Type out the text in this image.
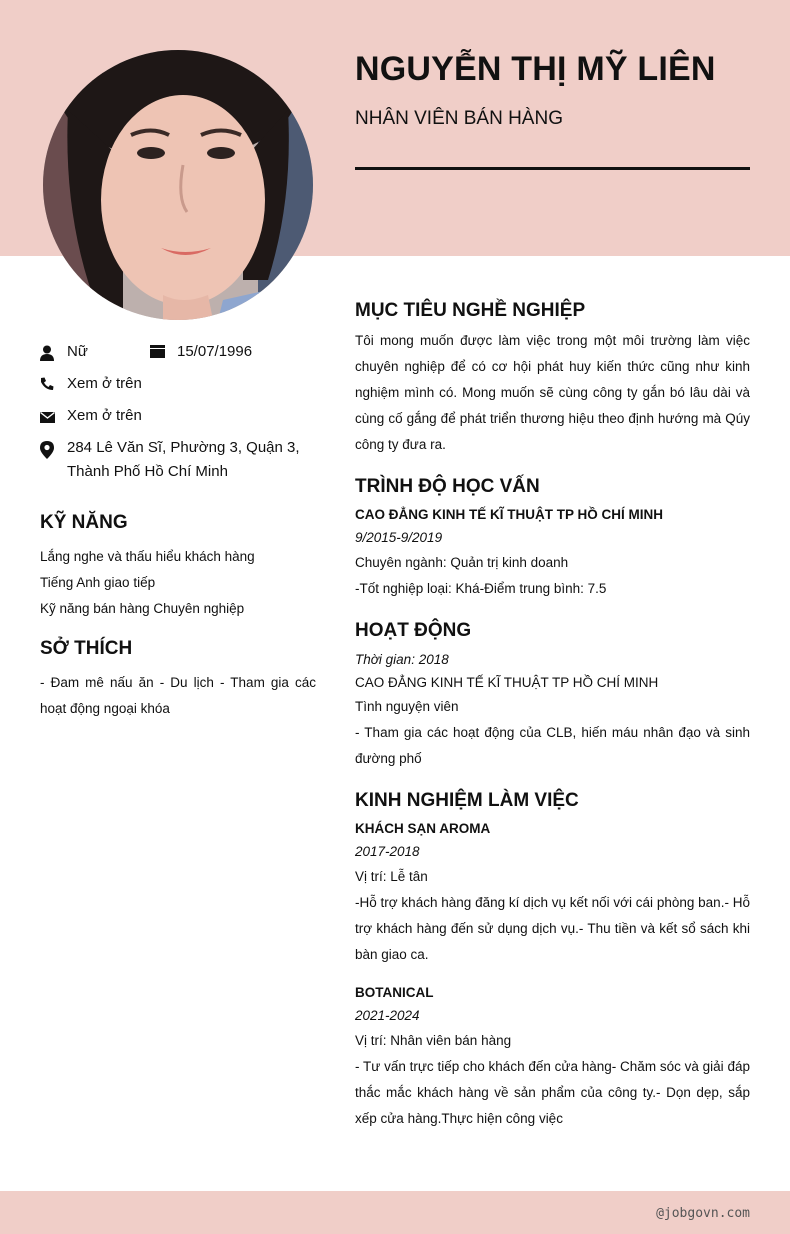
NGUYỄN THỊ MỸ LIÊN
NHÂN VIÊN BÁN HÀNG
Nữ	15/07/1996
Xem ở trên
Xem ở trên
284 Lê Văn Sĩ, Phường 3, Quận 3, Thành Phố Hồ Chí Minh
KỸ NĂNG
Lắng nghe và thấu hiểu khách hàng
Tiếng Anh giao tiếp
Kỹ năng bán hàng Chuyên nghiệp
SỞ THÍCH
- Đam mê nấu ăn - Du lịch - Tham gia các hoạt động ngoại khóa
MỤC TIÊU NGHỀ NGHIỆP
Tôi mong muốn được làm việc trong một môi trường làm việc chuyên nghiệp để có cơ hội phát huy kiến thức cũng như kinh nghiệm mình có. Mong muốn sẽ cùng công ty gắn bó lâu dài và cùng cố gắng để phát triển thương hiệu theo định hướng mà Qúy công ty đưa ra.
TRÌNH ĐỘ HỌC VẤN
CAO ĐẲNG KINH TẾ KĨ THUẬT TP HỒ CHÍ MINH
9/2015-9/2019
Chuyên ngành: Quản trị kinh doanh
-Tốt nghiệp loại: Khá-Điểm trung bình: 7.5
HOẠT ĐỘNG
Thời gian: 2018
CAO ĐẲNG KINH TẾ KĨ THUẬT TP HỒ CHÍ MINH
Tình nguyện viên
- Tham gia các hoạt động của CLB, hiến máu nhân đạo và sinh đường phố
KINH NGHIỆM LÀM VIỆC
KHÁCH SẠN AROMA
2017-2018
Vị trí: Lễ tân
-Hỗ trợ khách hàng đăng kí dịch vụ kết nối với cái phòng ban.- Hỗ trợ khách hàng đến sử dụng dịch vụ.- Thu tiền và kết sổ sách khi bàn giao ca.
BOTANICAL
2021-2024
Vị trí: Nhân viên bán hàng
- Tư vấn trực tiếp cho khách đến cửa hàng- Chăm sóc và giải đáp thắc mắc khách hàng về sản phẩm của công ty.- Dọn dẹp, sắp xếp cửa hàng.Thực hiện công việc
@jobgovn.com
